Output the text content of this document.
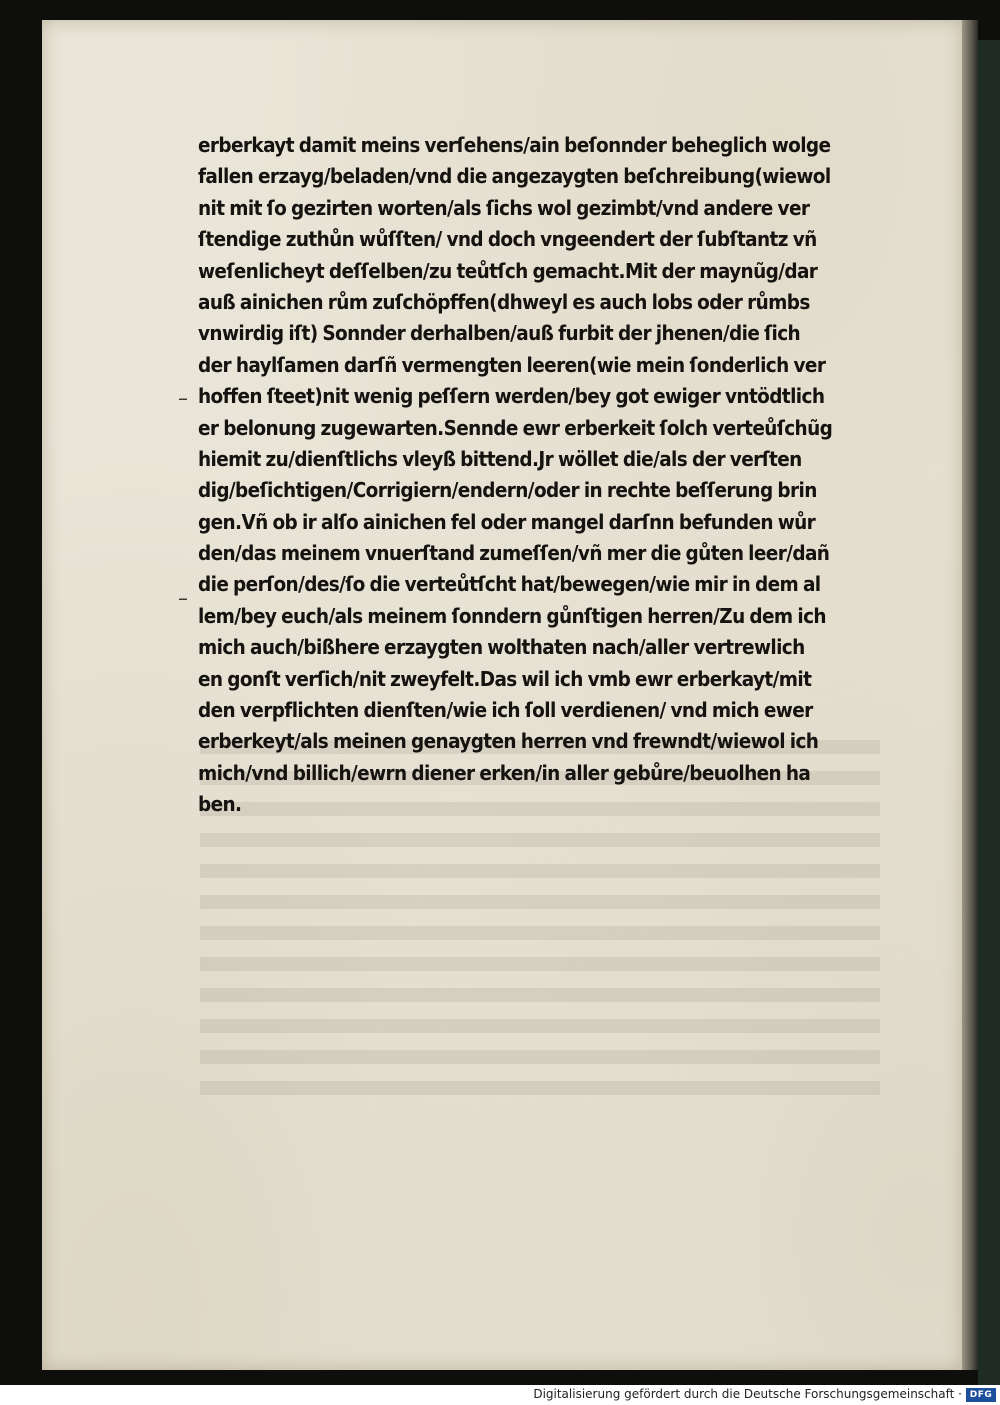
erberkayt damit meins verſehens/ain beſonnder beheglich wolge
fallen erzayg/beladen/vnd die angezaygten beſchreibung(wiewol
nit mit ſo gezirten worten/als ſichs wol gezimbt/vnd andere ver
ſtendige zuthůn wůſſten/ vnd doch vngeendert der ſubſtantz vñ
weſenlicheyt deſſelben/zu teůtſch gemacht.Mit der maynũg/dar
auß ainichen rům zuſchöpffen(dhweyl es auch lobs oder růmbs
vnwirdig iſt) Sonnder derhalben/auß furbit der jhenen/die ſich
der haylſamen darſñ vermengten leeren(wie mein ſonderlich ver
hoffen ſteet)nit wenig peſſern werden/bey got ewiger vntödtlich
er belonung zugewarten.Sennde ewr erberkeit ſolch verteůſchũg
hiemit zu/dienſtlichs vleyß bittend.Jr wöllet die/als der verſten
dig/beſichtigen/Corrigiern/endern/oder in rechte beſſerung brin
gen.Vñ ob ir alſo ainichen fel oder mangel darſnn befunden wůr
den/das meinem vnuerſtand zumeſſen/vñ mer die gůten leer/dañ
die perſon/des/ſo die verteůtſcht hat/bewegen/wie mir in dem al
lem/bey euch/als meinem ſonndern gůnſtigen herren/Zu dem ich
mich auch/bißhere erzaygten wolthaten nach/aller vertrewlich
en gonſt verſich/nit zweyfelt.Das wil ich vmb ewr erberkayt/mit
den verpflichten dienſten/wie ich ſoll verdienen/ vnd mich ewer
erberkeyt/als meinen genaygten herren vnd frewndt/wiewol ich
mich/vnd billich/ewrn diener erken/in aller gebůre/beuolhen ha
ben.
–
–
Digitalisierung gefördert durch die Deutsche Forschungsgemeinschaft · DFG
